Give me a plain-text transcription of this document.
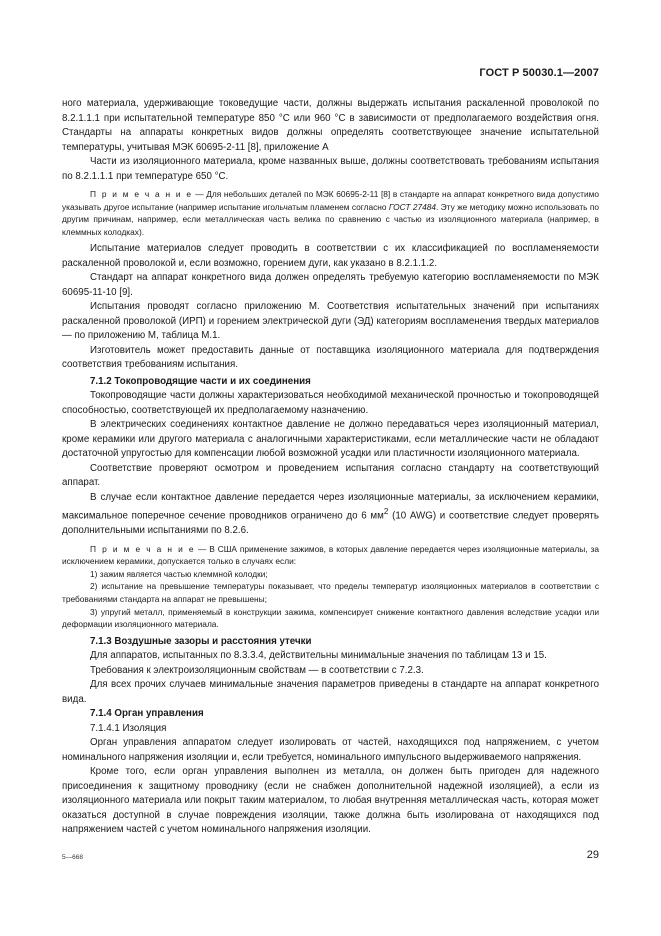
ГОСТ Р 50030.1—2007

ного материала, удерживающие токоведущие части, должны выдержать испытания раскаленной проволокой по 8.2.1.1.1 при испытательной температуре 850 °С или 960 °С в зависимости от предполагаемого воздействия огня. Стандарты на аппараты конкретных видов должны определять соответствующее значение испытательной температуры, учитывая МЭК 60695-2-11 [8], приложение А

Части из изоляционного материала, кроме названных выше, должны соответствовать требованиям испытания по 8.2.1.1.1 при температуре 650 °С.

П р и м е ч а н и е — Для небольших деталей по МЭК 60695-2-11 [8] в стандарте на аппарат конкретного вида допустимо указывать другое испытание (например испытание игольчатым пламенем согласно ГОСТ 27484. Эту же методику можно использовать по другим причинам, например, если металлическая часть велика по сравнению с частью из изоляционного материала (например, в клеммных колодках).

Испытание материалов следует проводить в соответствии с их классификацией по воспламеняемости раскаленной проволокой и, если возможно, горением дуги, как указано в 8.2.1.1.2.

Стандарт на аппарат конкретного вида должен определять требуемую категорию воспламеняемости по МЭК 60695-11-10 [9].

Испытания проводят согласно приложению М. Соответствия испытательных значений при испытаниях раскаленной проволокой (ИРП) и горением электрической дуги (ЭД) категориям воспламенения твердых материалов — по приложению М, таблица М.1.

Изготовитель может предоставить данные от поставщика изоляционного материала для подтверждения соответствия требованиям испытания.

7.1.2 Токопроводящие части и их соединения

Токопроводящие части должны характеризоваться необходимой механической прочностью и токопроводящей способностью, соответствующей их предполагаемому назначению.

В электрических соединениях контактное давление не должно передаваться через изоляционный материал, кроме керамики или другого материала с аналогичными характеристиками, если металлические части не обладают достаточной упругостью для компенсации любой возможной усадки или пластичности изоляционного материала.

Соответствие проверяют осмотром и проведением испытания согласно стандарту на соответствующий аппарат.

В случае если контактное давление передается через изоляционные материалы, за исключением керамики, максимальное поперечное сечение проводников ограничено до 6 $мм^2$ (10 AWG) и соответствие следует проверять дополнительными испытаниями по 8.2.6.

П р и м е ч а н и е — В США применение зажимов, в которых давление передается через изоляционные материалы, за исключением керамики, допускается только в случаях если:

1) зажим является частью клеммной колодки;

2) испытание на превышение температуры показывает, что пределы температур изоляционных материалов в соответствии с требованиями стандарта на аппарат не превышены;

3) упругий металл, применяемый в конструкции зажима, компенсирует снижение контактного давления вследствие усадки или деформации изоляционного материала.

7.1.3 Воздушные зазоры и расстояния утечки

Для аппаратов, испытанных по 8.3.3.4, действительны минимальные значения по таблицам 13 и 15.

Требования к электроизоляционным свойствам — в соответствии с 7.2.3.

Для всех прочих случаев минимальные значения параметров приведены в стандарте на аппарат конкретного вида.

7.1.4 Орган управления

7.1.4.1 Изоляция

Орган управления аппаратом следует изолировать от частей, находящихся под напряжением, с учетом номинального напряжения изоляции и, если требуется, номинального импульсного выдерживаемого напряжения.

Кроме того, если орган управления выполнен из металла, он должен быть пригоден для надежного присоединения к защитному проводнику (если не снабжен дополнительной надежной изоляцией), а если из изоляционного материала или покрыт таким материалом, то любая внутренняя металлическая часть, которая может оказаться доступной в случае повреждения изоляции, также должна быть изолирована от находящихся под напряжением частей с учетом номинального напряжения изоляции.

5—668	29
